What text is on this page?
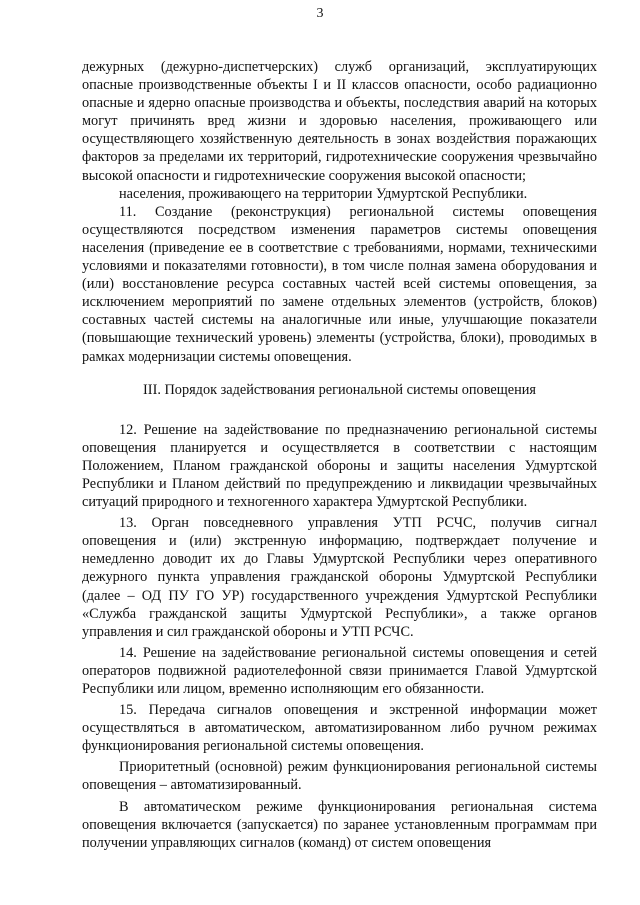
3

дежурных (дежурно-диспетчерских) служб организаций, эксплуатирующих опасные производственные объекты I и II классов опасности, особо радиационно опасные и ядерно опасные производства и объекты, последствия аварий на которых могут причинять вред жизни и здоровью населения, проживающего или осуществляющего хозяйственную деятельность в зонах воздействия поражающих факторов за пределами их территорий, гидротехнические сооружения чрезвычайно высокой опасности и гидротехнические сооружения высокой опасности;

населения, проживающего на территории Удмуртской Республики.

11. Создание (реконструкция) региональной системы оповещения осуществляются посредством изменения параметров системы оповещения населения (приведение ее в соответствие с требованиями, нормами, техническими условиями и показателями готовности), в том числе полная замена оборудования и (или) восстановление ресурса составных частей всей системы оповещения, за исключением мероприятий по замене отдельных элементов (устройств, блоков) составных частей системы на аналогичные или иные, улучшающие показатели (повышающие технический уровень) элементы (устройства, блоки), проводимых в рамках модернизации системы оповещения.

III. Порядок задействования региональной системы оповещения

12. Решение на задействование по предназначению региональной системы оповещения планируется и осуществляется в соответствии с настоящим Положением, Планом гражданской обороны и защиты населения Удмуртской Республики и Планом действий по предупреждению и ликвидации чрезвычайных ситуаций природного и техногенного характера Удмуртской Республики.

13. Орган повседневного управления УТП РСЧС, получив сигнал оповещения и (или) экстренную информацию, подтверждает получение и немедленно доводит их до Главы Удмуртской Республики через оперативного дежурного пункта управления гражданской обороны Удмуртской Республики (далее – ОД ПУ ГО УР) государственного учреждения Удмуртской Республики «Служба гражданской защиты Удмуртской Республики», а также органов управления и сил гражданской обороны и УТП РСЧС.

14. Решение на задействование региональной системы оповещения и сетей операторов подвижной радиотелефонной связи принимается Главой Удмуртской Республики или лицом, временно исполняющим его обязанности.

15. Передача сигналов оповещения и экстренной информации может осуществляться в автоматическом, автоматизированном либо ручном режимах функционирования региональной системы оповещения.

Приоритетный (основной) режим функционирования региональной системы оповещения – автоматизированный.

В автоматическом режиме функционирования региональная система оповещения включается (запускается) по заранее установленным программам при получении управляющих сигналов (команд) от систем оповещения
